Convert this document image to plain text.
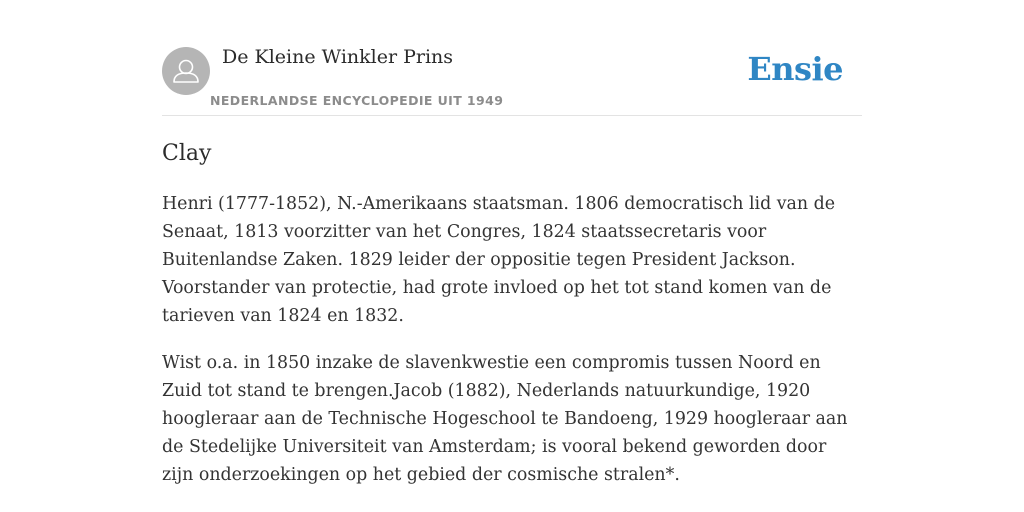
De Kleine Winkler Prins
NEDERLANDSE ENCYCLOPEDIE UIT 1949
Ensie
Clay

Henri (1777-1852), N.-Amerikaans staatsman. 1806 democratisch lid van de Senaat, 1813 voorzitter van het Congres, 1824 staatssecretaris voor Buitenlandse Zaken. 1829 leider der oppositie tegen President Jackson. Voorstander van protectie, had grote invloed op het tot stand komen van de tarieven van 1824 en 1832.

Wist o.a. in 1850 inzake de slavenkwestie een compromis tussen Noord en Zuid tot stand te brengen.Jacob (1882), Nederlands natuurkundige, 1920 hoogleraar aan de Technische Hogeschool te Bandoeng, 1929 hoogleraar aan de Stedelijke Universiteit van Amsterdam; is vooral bekend geworden door zijn onderzoekingen op het gebied der cosmische stralen*.
